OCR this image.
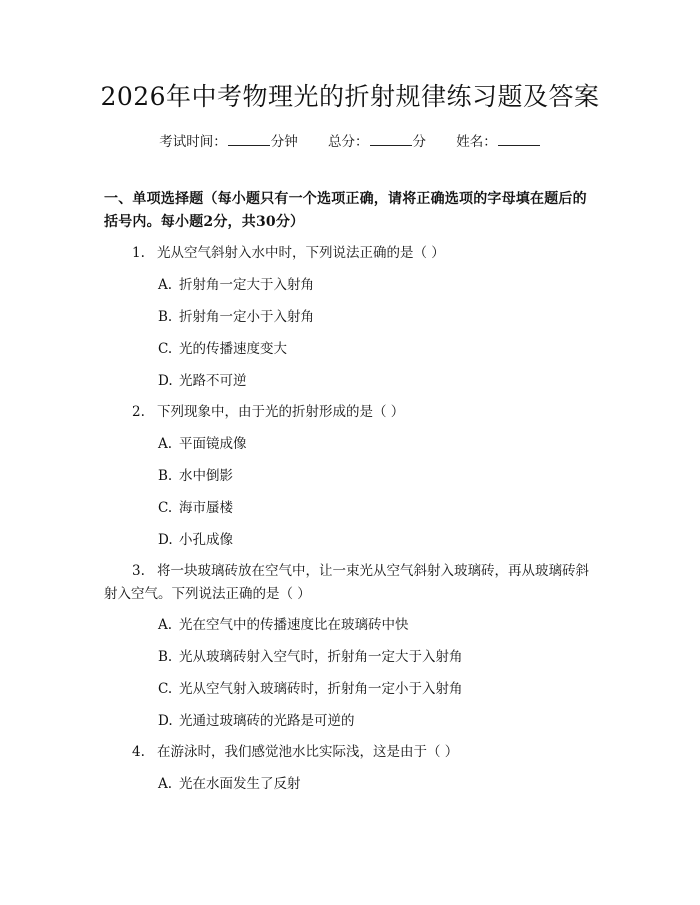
2026年中考物理光的折射规律练习题及答案
考试时间：	分钟 总分：	分 姓名：
一、单项选择题（每小题只有一个选项正确，请将正确选项的字母填在题后的括号内。每小题2分，共30分）
1. 光从空气斜射入水中时，下列说法正确的是（ ）
A. 折射角一定大于入射角
B. 折射角一定小于入射角
C. 光的传播速度变大
D. 光路不可逆
2. 下列现象中，由于光的折射形成的是（ ）
A. 平面镜成像
B. 水中倒影
C. 海市蜃楼
D. 小孔成像
3. 将一块玻璃砖放在空气中，让一束光从空气斜射入玻璃砖，再从玻璃砖斜射入空气。下列说法正确的是（ ）
A. 光在空气中的传播速度比在玻璃砖中快
B. 光从玻璃砖射入空气时，折射角一定大于入射角
C. 光从空气射入玻璃砖时，折射角一定小于入射角
D. 光通过玻璃砖的光路是可逆的
4. 在游泳时，我们感觉池水比实际浅，这是由于（ ）
A. 光在水面发生了反射
